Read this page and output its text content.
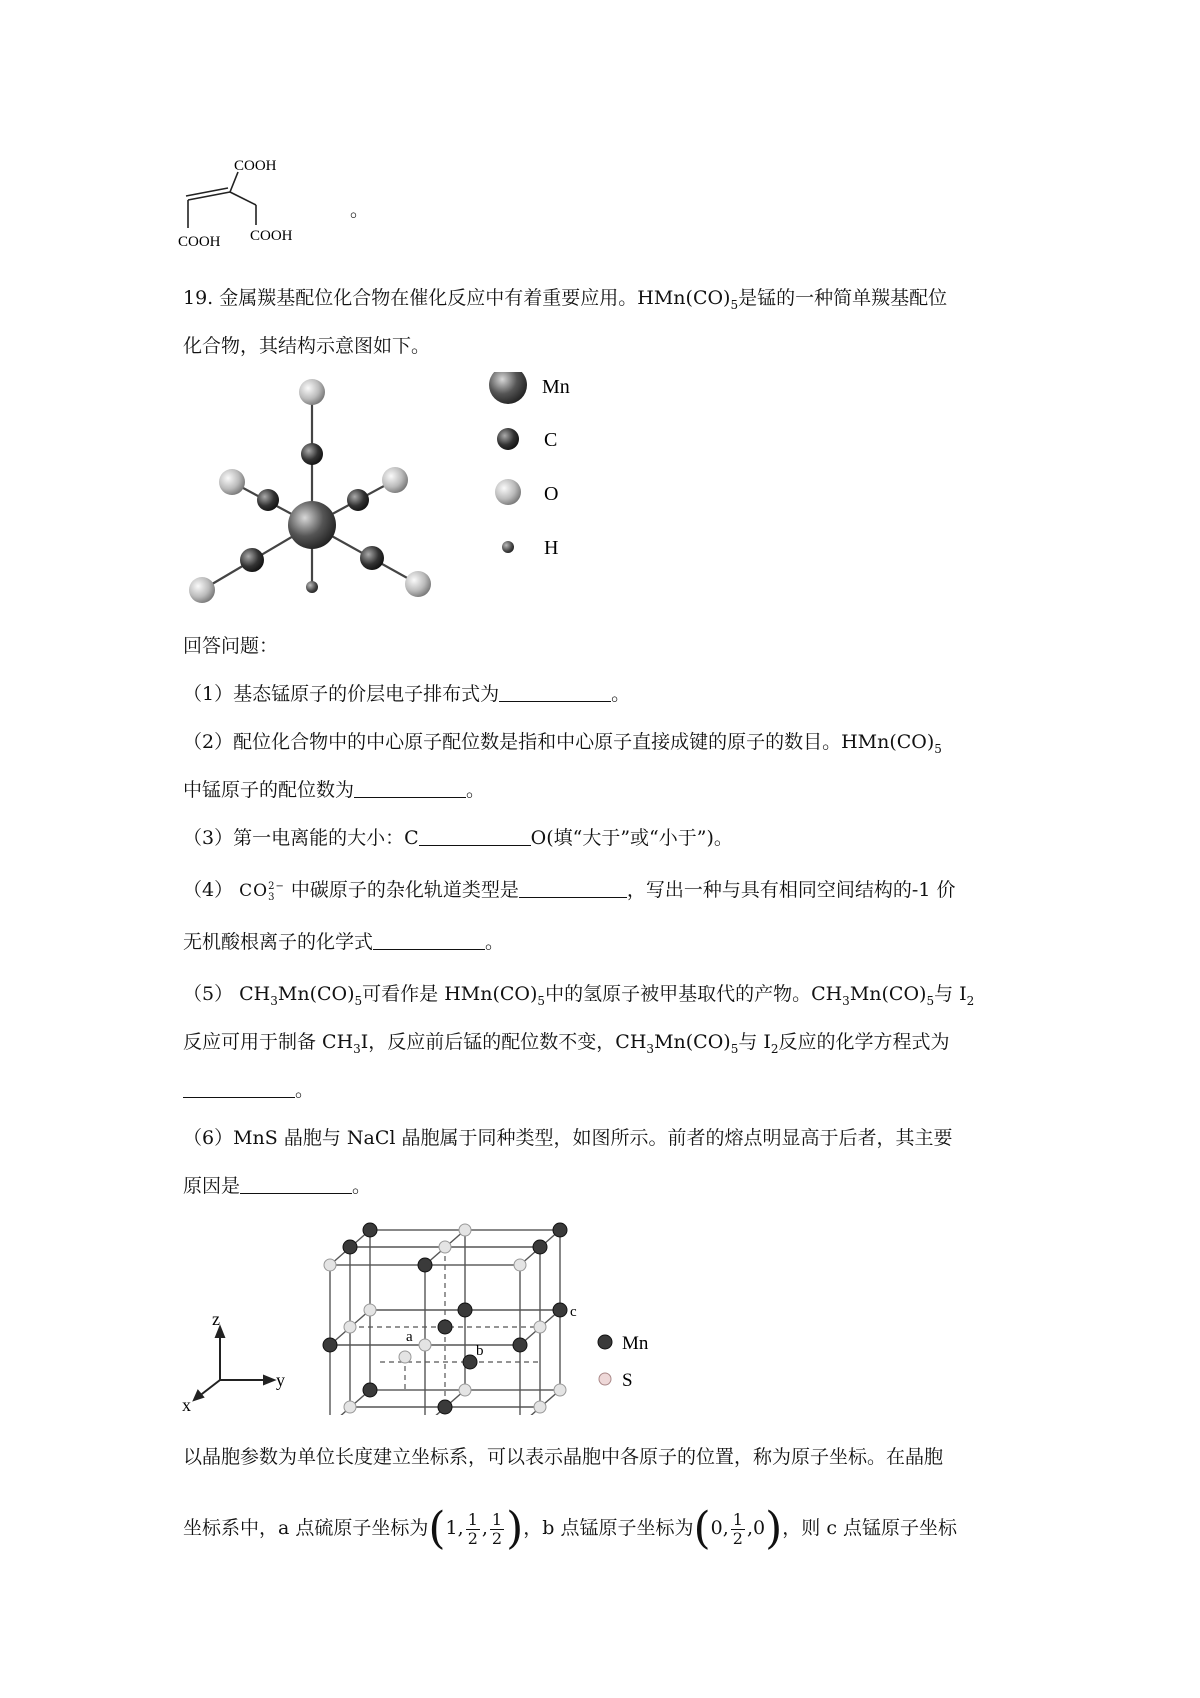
COOH
COOH COOH
。
19. 金属羰基配位化合物在催化反应中有着重要应用。$HMn(CO)_5$是锰的一种简单羰基配位
化合物，其结构示意图如下。
Mn
C
O
H
回答问题：
（1）基态锰原子的价层电子排布式为	。
（2）配位化合物中的中心原子配位数是指和中心原子直接成键的原子的数目。$HMn(CO)_5$
中锰原子的配位数为	。
（3）第一电离能的大小：C	O(填“大于”或“小于”)。
（4） CO 2−
3 中碳原子的杂化轨道类型是	，写出一种与具有相同空间结构的-1 价
无机酸根离子的化学式	。
（5） $CH_3Mn(CO)_5$可看作是 $HMn(CO)_5$中的氢原子被甲基取代的产物。$CH_3Mn(CO)_5$与 $I_2$
反应可用于制备 $CH_3I$，反应前后锰的配位数不变，$CH_3Mn(CO)_5$与 $I_2$反应的化学方程式为
。
（6）MnS 晶胞与 NaCl 晶胞属于同种类型，如图所示。前者的熔点明显高于后者，其主要
原因是	。
z
y
x
a
b
c
Mn
S
以晶胞参数为单位长度建立坐标系，可以表示晶胞中各原子的位置，称为原子坐标。在晶胞
坐标系中，a 点硫原子坐标为(1, $\frac{1}{2}$ , $\frac{1}{2}$ )，b 点锰原子坐标为(0, $\frac{1}{2} ,0$)，则 c 点锰原子坐标
